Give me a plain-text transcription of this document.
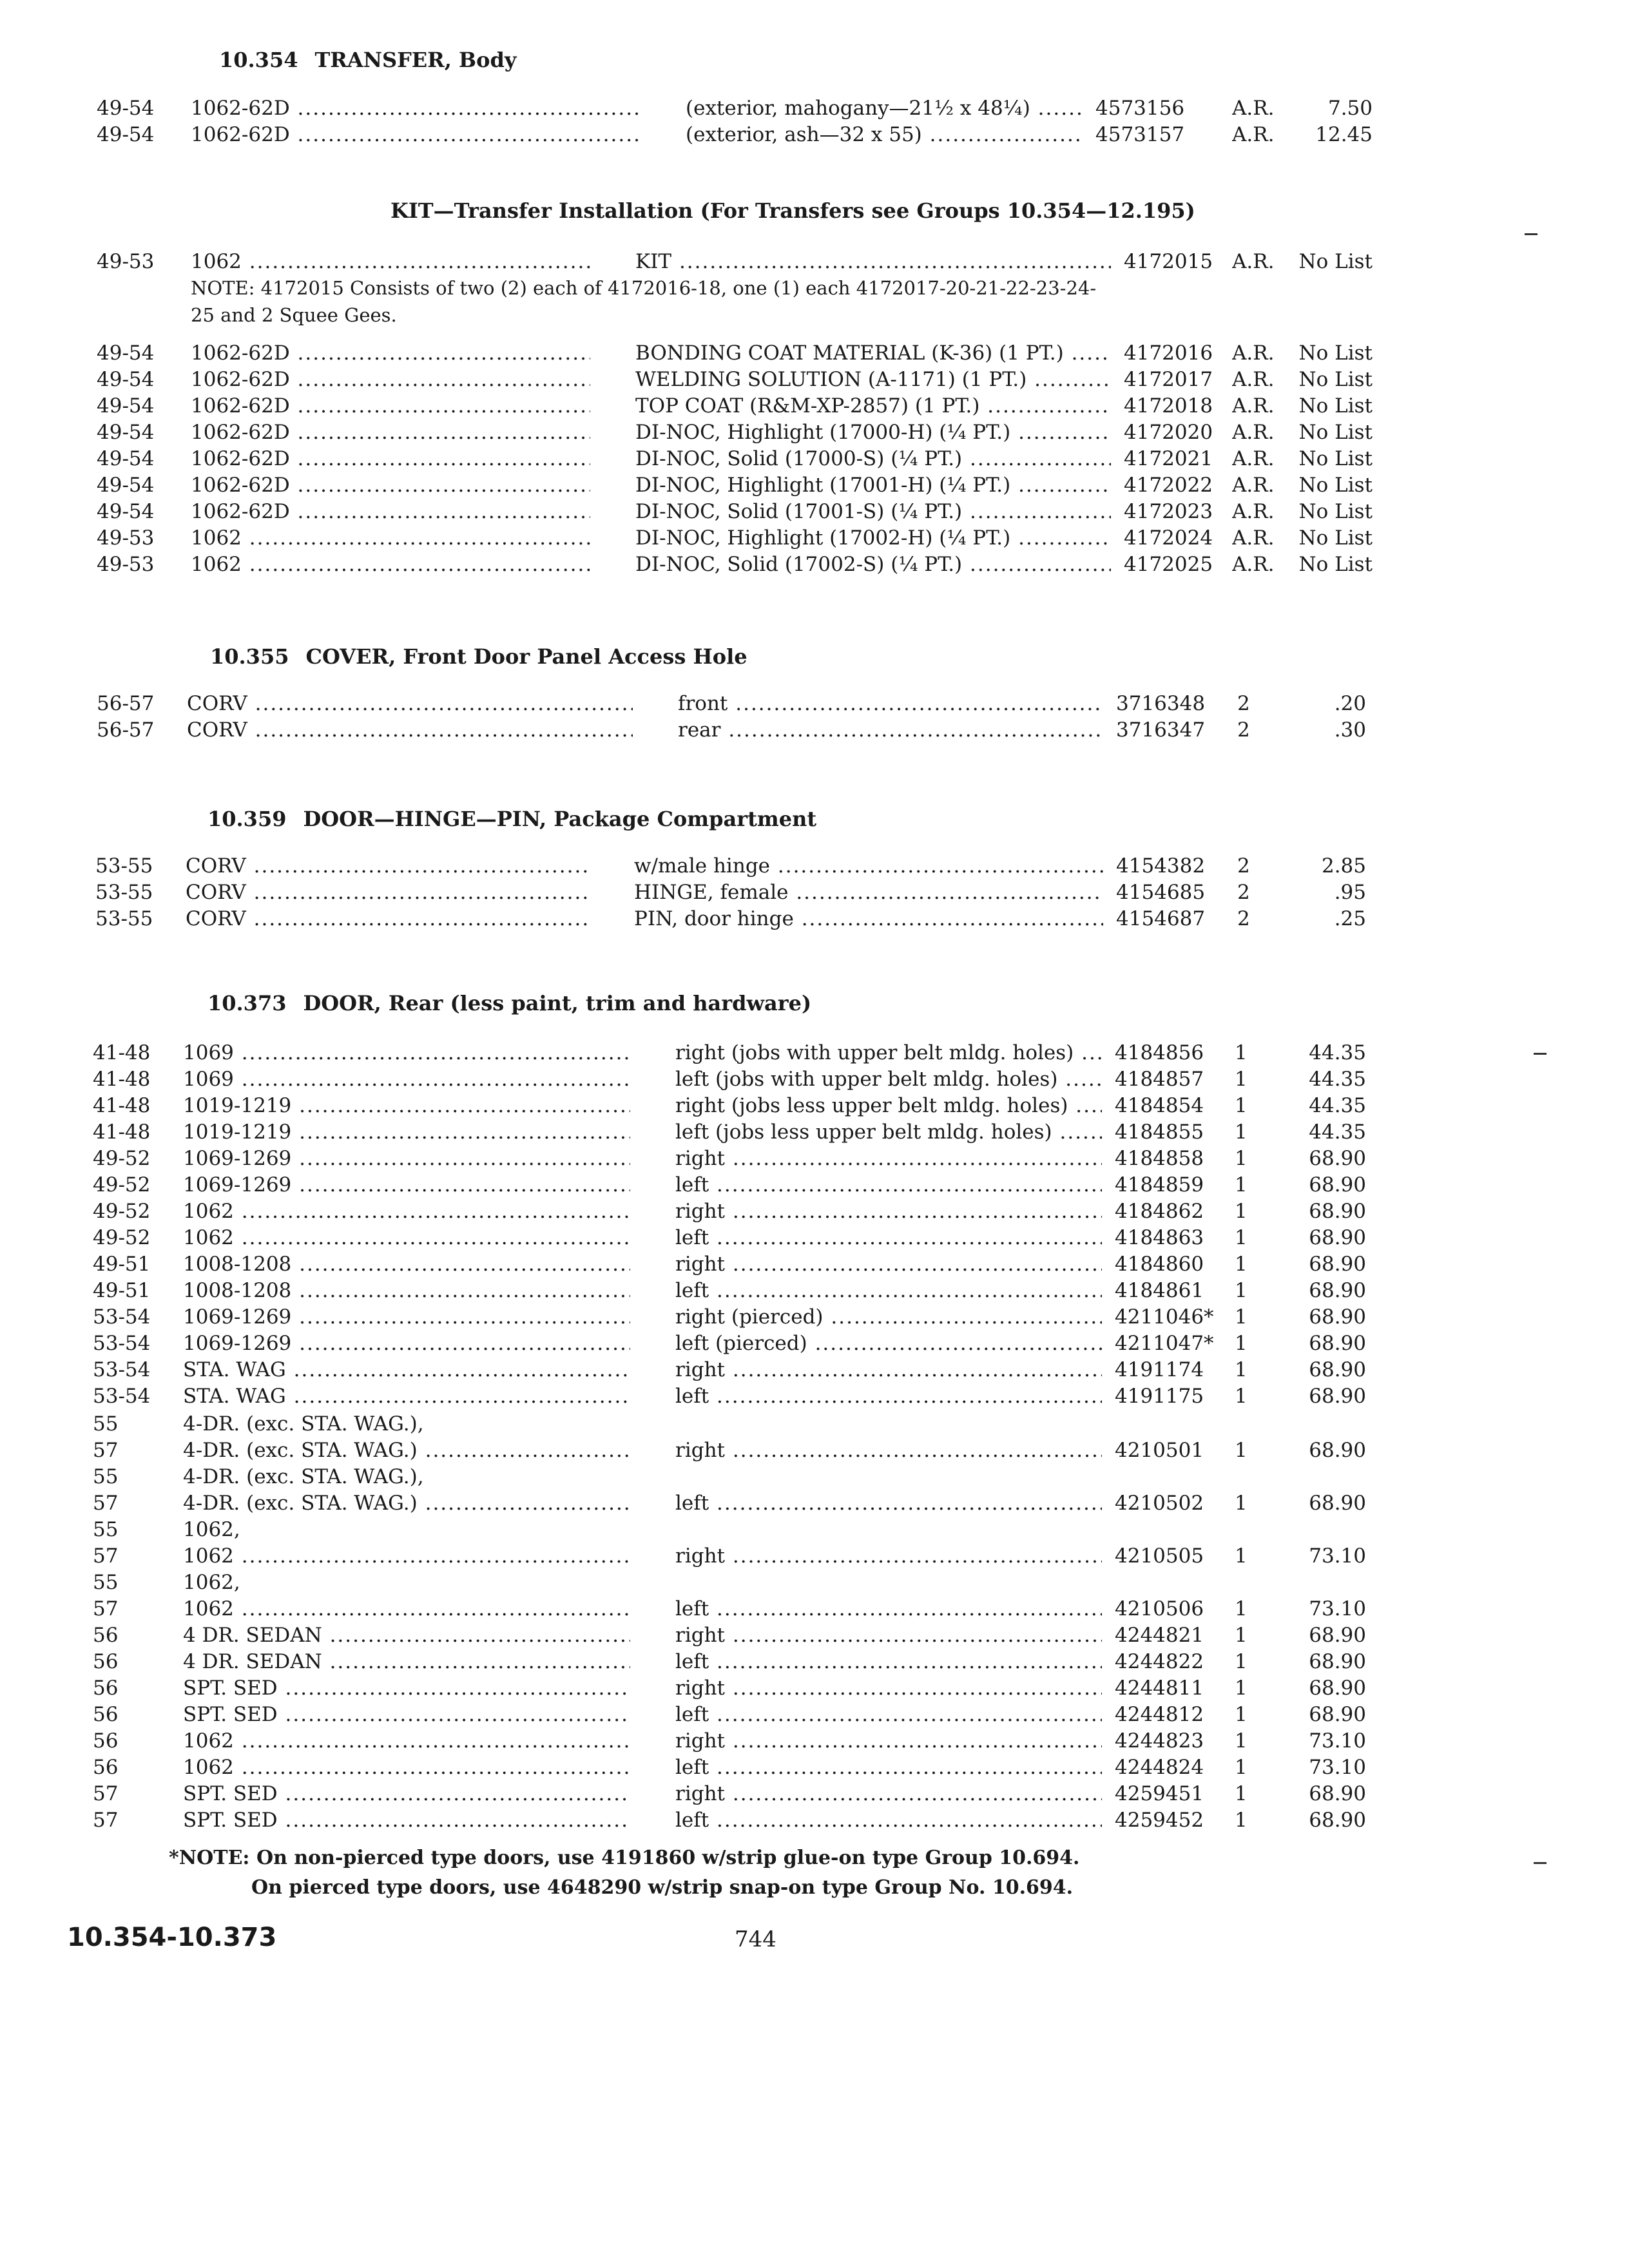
10.354 TRANSFER, Body
49-54	1062-62D .....	(exterior, mahogany—21½ x 48¼) .....	4573156	A.R.	7.50
49-54	1062-62D .....	(exterior, ash—32 x 55) .....	4573157	A.R.	12.45
KIT—Transfer Installation (For Transfers see Groups 10.354—12.195)
49-53	1062 .....	KIT .....	4172015 A.R.	No List
NOTE: 4172015 Consists of two (2) each of 4172016-18, one (1) each 4172017-20-21-22-23-24-25 and 2 Squee Gees.
49-54	1062-62D .....	BONDING COAT MATERIAL (K-36) (1 PT.) .....	4172016 A.R.	No List
49-54	1062-62D .....	WELDING SOLUTION (A-1171) (1 PT.) .....	4172017 A.R.	No List
49-54	1062-62D .....	TOP COAT (R&M-XP-2857) (1 PT.) .....	4172018 A.R.	No List
49-54	1062-62D .....	DI-NOC, Highlight (17000-H) (¼ PT.) .....	4172020 A.R.	No List
49-54	1062-62D .....	DI-NOC, Solid (17000-S) (¼ PT.) .....	4172021 A.R.	No List
49-54	1062-62D .....	DI-NOC, Highlight (17001-H) (¼ PT.) .....	4172022 A.R.	No List
49-54	1062-62D .....	DI-NOC, Solid (17001-S) (¼ PT.) .....	4172023 A.R.	No List
49-53	1062 .....	DI-NOC, Highlight (17002-H) (¼ PT.) .....	4172024 A.R.	No List
49-53	1062 .....	DI-NOC, Solid (17002-S) (¼ PT.) .....	4172025 A.R.	No List
10.355 COVER, Front Door Panel Access Hole
56-57	CORV .....	front .....	3716348	2	.20
56-57	CORV .....	rear .....	3716347	2	.30
10.359 DOOR—HINGE—PIN, Package Compartment
53-55	CORV .....	w/male hinge .....	4154382	2	2.85
53-55	CORV .....	HINGE, female .....	4154685	2	.95
53-55	CORV .....	PIN, door hinge .....	4154687	2	.25
10.373 DOOR, Rear (less paint, trim and hardware)
41-48	1069 .....	right (jobs with upper belt mldg. holes) .....	4184856	1	44.35
41-48	1069 .....	left (jobs with upper belt mldg. holes) .....	4184857	1	44.35
41-48	1019-1219 .....	right (jobs less upper belt mldg. holes) .....	4184854	1	44.35
41-48	1019-1219 .....	left (jobs less upper belt mldg. holes) .....	4184855	1	44.35
49-52	1069-1269 .....	right .....	4184858	1	68.90
49-52	1069-1269 .....	left .....	4184859	1	68.90
49-52	1062 .....	right .....	4184862	1	68.90
49-52	1062 .....	left .....	4184863	1	68.90
49-51	1008-1208 .....	right .....	4184860	1	68.90
49-51	1008-1208 .....	left .....	4184861	1	68.90
53-54	1069-1269 .....	right (pierced) .....	4211046*	1	68.90
53-54	1069-1269 .....	left (pierced) .....	4211047*	1	68.90
53-54	STA. WAG .....	right .....	4191174	1	68.90
53-54	STA. WAG .....	left .....	4191175	1	68.90
55	4-DR. (exc. STA. WAG.),
57	4-DR. (exc. STA. WAG.) .....	right .....	4210501	1	68.90
55	4-DR. (exc. STA. WAG.),
57	4-DR. (exc. STA. WAG.) .....	left .....	4210502	1	68.90
55	1062,
57	1062 .....	right .....	4210505	1	73.10
55	1062,
57	1062 .....	left .....	4210506	1	73.10
56	4 DR. SEDAN .....	right .....	4244821	1	68.90
56	4 DR. SEDAN .....	left .....	4244822	1	68.90
56	SPT. SED .....	right .....	4244811	1	68.90
56	SPT. SED .....	left .....	4244812	1	68.90
56	1062 .....	right .....	4244823	1	73.10
56	1062 .....	left .....	4244824	1	73.10
57	SPT. SED .....	right .....	4259451	1	68.90
57	SPT. SED .....	left .....	4259452	1	68.90
*NOTE: On non-pierced type doors, use 4191860 w/strip glue-on type Group 10.694.
On pierced type doors, use 4648290 w/strip snap-on type Group No. 10.694.
10.354-10.373	744
